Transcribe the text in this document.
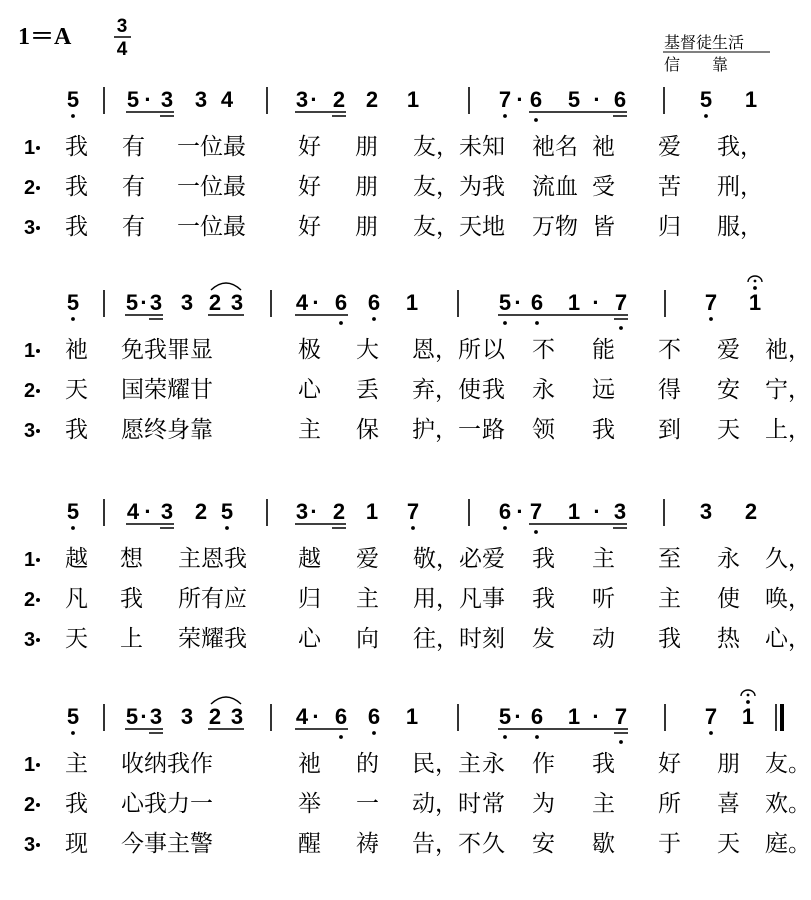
1＝A 3
4	基督徒生活
信　　靠
5 5 · 3 3 4	3 · 2 2 1	7 · 6 5 · 6	5 1
1 我 有 一位最 好 朋 友，未 知 祂名 祂 爱 我，
2 我 有 一位最 好 朋 友，为 我 流血 受 苦 刑，
3 我 有 一位最 好 朋 友，天 地 万物 皆 归 服，
5 5 · 3 3 2 3 4 · 6 6 1	5 · 6 1 · 7	7 1
1 祂 免我罪显	极 大 恩，所 以 不 能 不 爱 祂，
2 天 国荣耀甘	心 丢 弃，使 我 永 远 得 安 宁，
3 我 愿终身靠	主 保 护，一 路 领 我 到 天 上，
5 4 · 3 2 5	3 · 2 1 7	6 · 7 1 · 3	3 2
1 越 想 主恩我 越 爱 敬，必 爱 我 主 至 永 久，
2 凡 我 所有应 归 主 用，凡 事 我 听 主 使 唤，
3 天 上 荣耀我 心 向 往，时 刻 发 动 我 热 心，
5 5 · 3 3 2 3 4 · 6 6 1	5 · 6 1 · 7	7 1
1 主 收纳我作	祂 的 民，主 永 作 我 好 朋 友。
2 我 心我力一	举 一 动，时 常 为 主 所 喜 欢。
3 现 今事主警	醒 祷 告，不 久 安 歇 于 天 庭。
